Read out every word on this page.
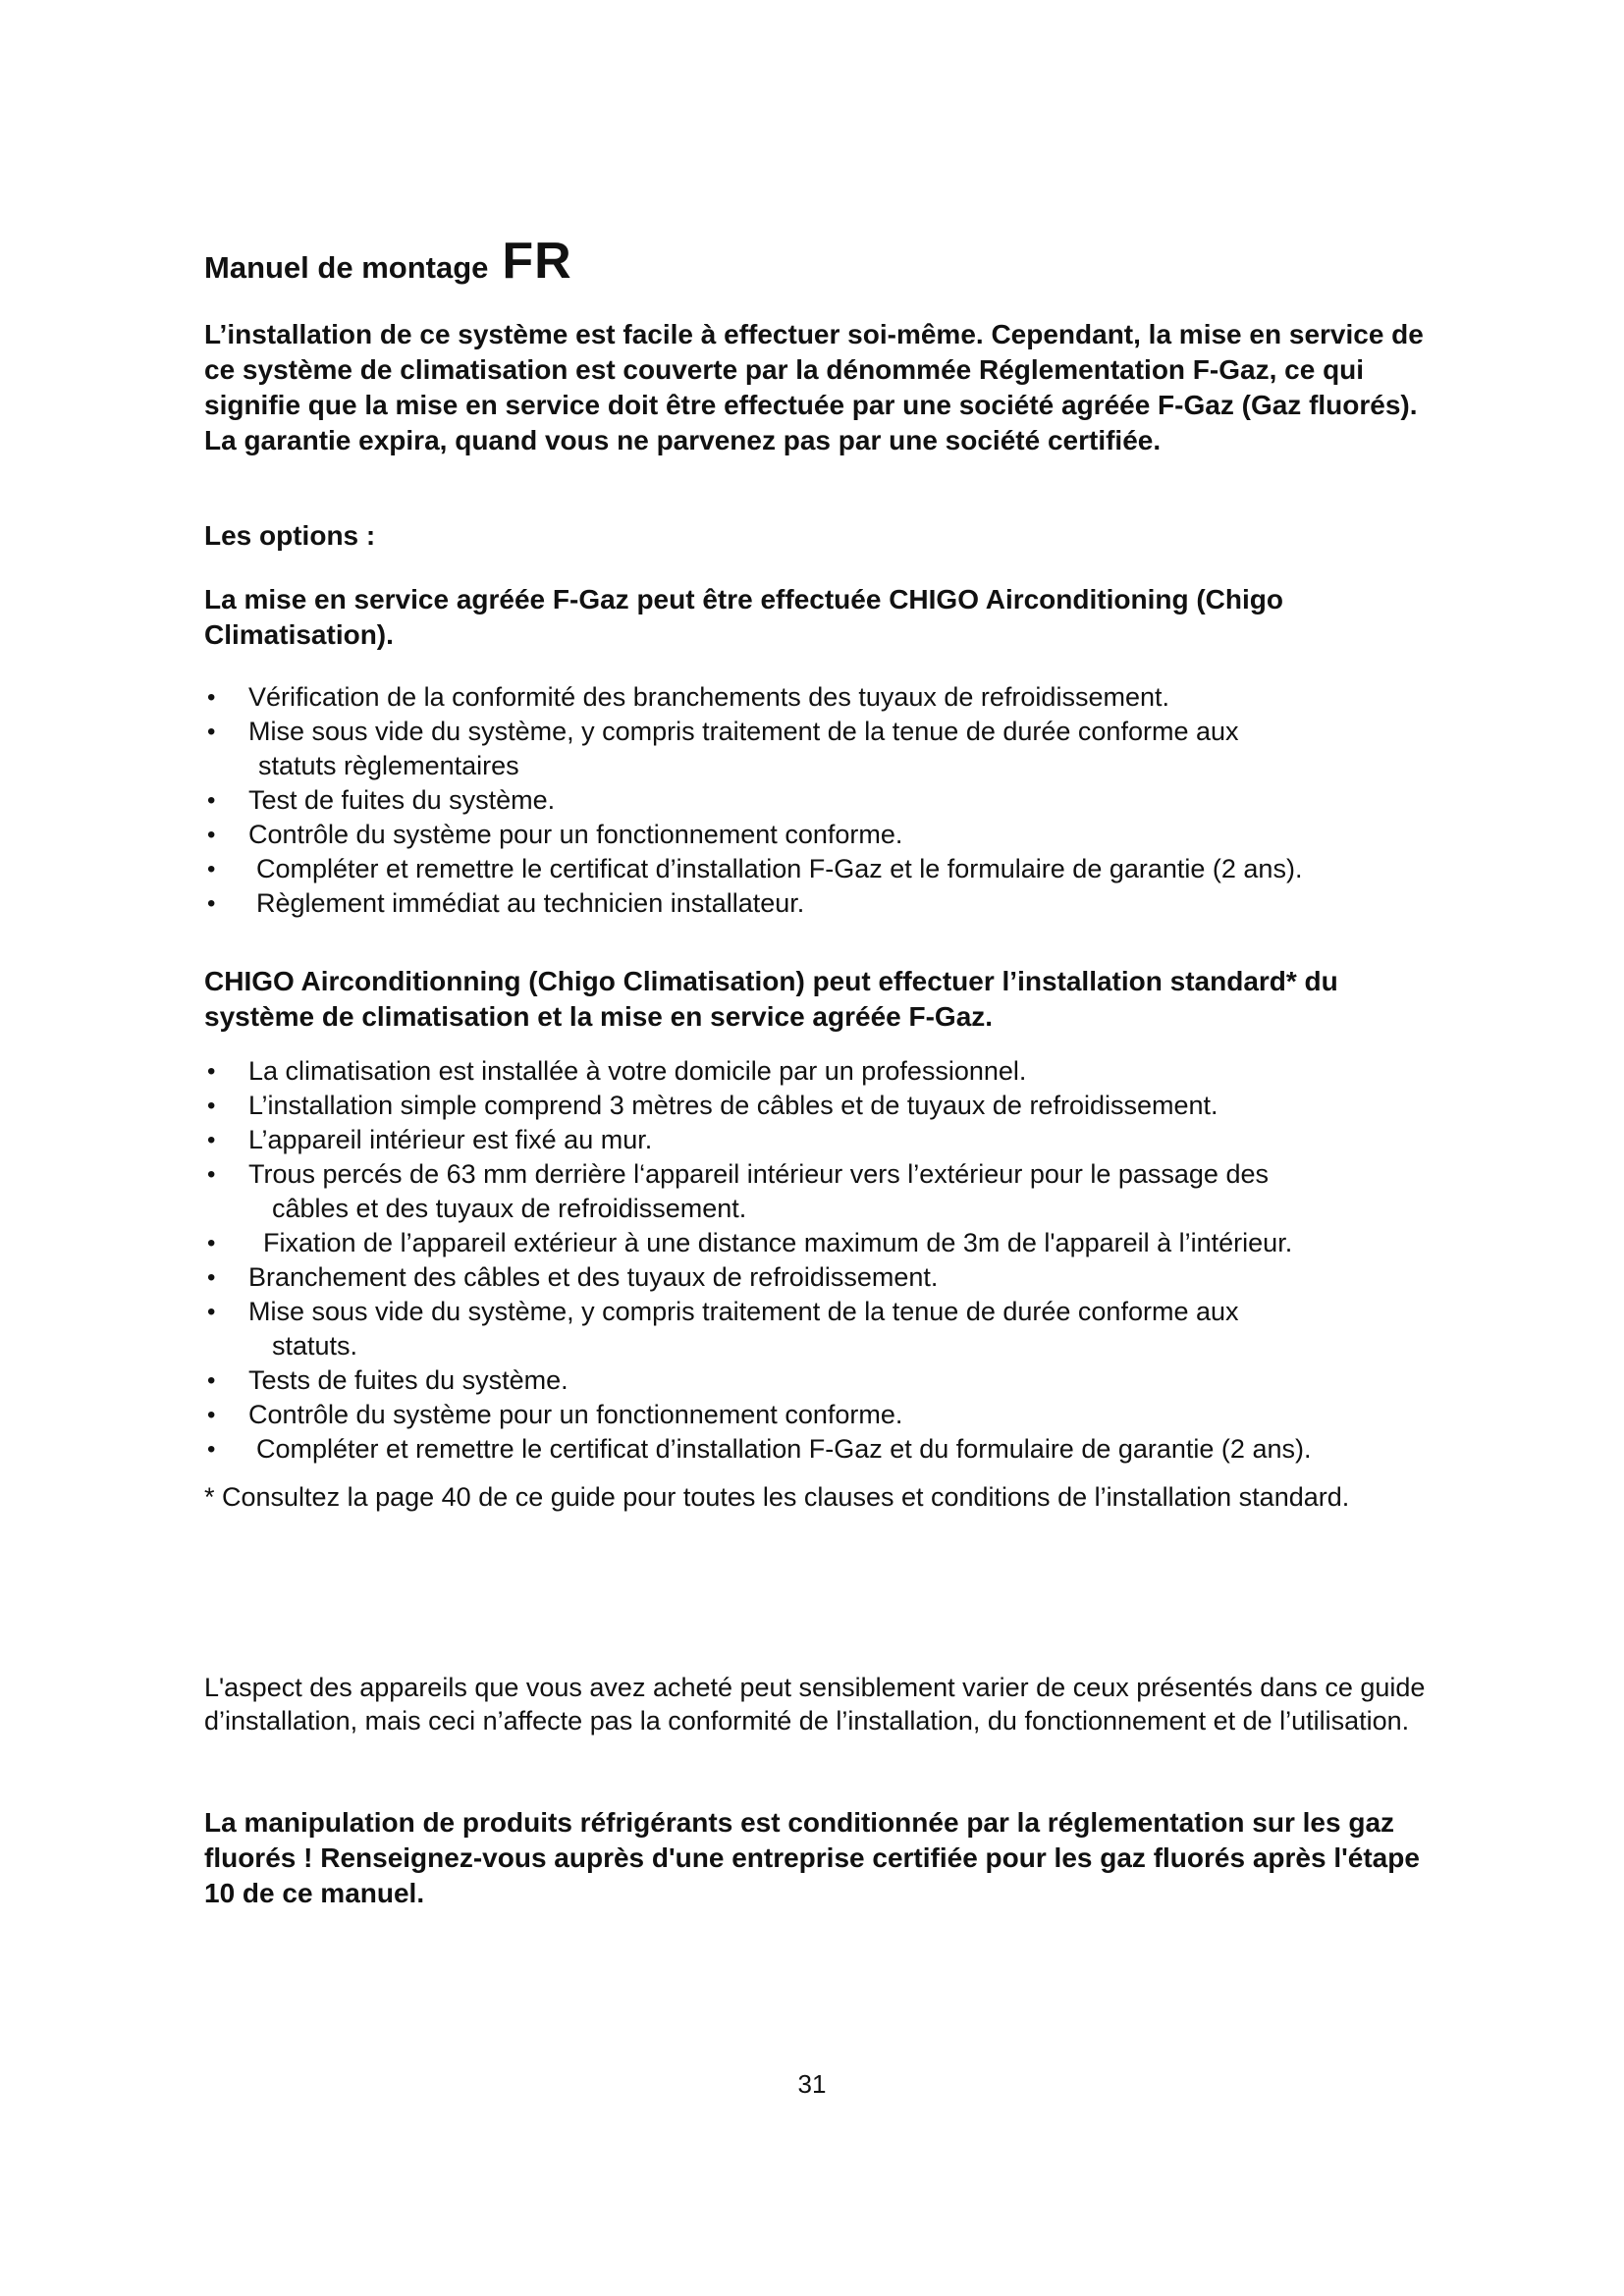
Manuel de montage FR
L’installation de ce système est facile à effectuer soi-même. Cependant, la mise en service de ce système de climatisation est couverte par la dénommée Réglementation F-Gaz, ce qui signifie que la mise en service doit être effectuée par une société agréée F-Gaz (Gaz fluorés). La garantie expira, quand vous ne parvenez pas par une société certifiée.
Les options :
La mise en service agréée F-Gaz peut être effectuée CHIGO Airconditioning (Chigo Climatisation).
• Vérification de la conformité des branchements des tuyaux de refroidissement.
• Mise sous vide du système, y compris traitement de la tenue de durée conforme aux
statuts règlementaires
• Test de fuites du système.
• Contrôle du système pour un fonctionnement conforme.
• Compléter et remettre le certificat d’installation F-Gaz et le formulaire de garantie (2 ans).
• Règlement immédiat au technicien installateur.
CHIGO Airconditionning (Chigo Climatisation) peut effectuer l’installation standard* du système de climatisation et la mise en service agréée F-Gaz.
• La climatisation est installée à votre domicile par un professionnel.
• L’installation simple comprend 3 mètres de câbles et de tuyaux de refroidissement.
• L’appareil intérieur est fixé au mur.
• Trous percés de 63 mm derrière l‘appareil intérieur vers l’extérieur pour le passage des
câbles et des tuyaux de refroidissement.
• Fixation de l’appareil extérieur à une distance maximum de 3m de l'appareil à l’intérieur.
• Branchement des câbles et des tuyaux de refroidissement.
• Mise sous vide du système, y compris traitement de la tenue de durée conforme aux
statuts.
• Tests de fuites du système.
• Contrôle du système pour un fonctionnement conforme.
• Compléter et remettre le certificat d’installation F-Gaz et du formulaire de garantie (2 ans).
* Consultez la page 40 de ce guide pour toutes les clauses et conditions de l’installation standard.
L'aspect des appareils que vous avez acheté peut sensiblement varier de ceux présentés dans ce guide d’installation, mais ceci n’affecte pas la conformité de l’installation, du fonctionnement et de l’utilisation.
La manipulation de produits réfrigérants est conditionnée par la réglementation sur les gaz fluorés ! Renseignez-vous auprès d'une entreprise certifiée pour les gaz fluorés après l'étape 10 de ce manuel.
31
